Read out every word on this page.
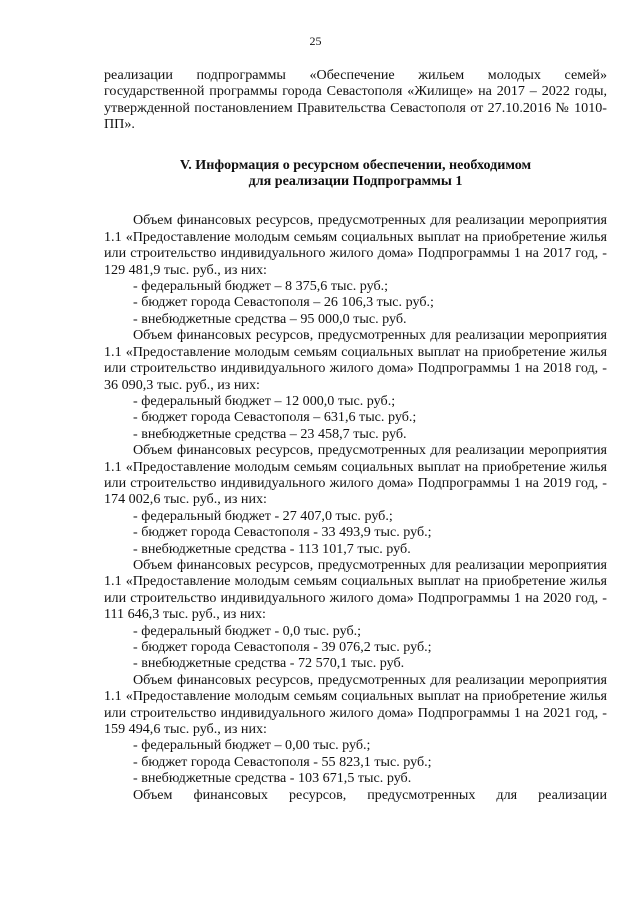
25

реализации подпрограммы «Обеспечение жильем молодых семей» государственной программы города Севастополя «Жилище» на 2017 – 2022 годы, утвержденной постановлением Правительства Севастополя от 27.10.2016 № 1010-ПП».

V. Информация о ресурсном обеспечении, необходимом
для реализации Подпрограммы 1

Объем финансовых ресурсов, предусмотренных для реализации мероприятия 1.1 «Предоставление молодым семьям социальных выплат на приобретение жилья или строительство индивидуального жилого дома» Подпрограммы 1 на 2017 год, - 129 481,9 тыс. руб., из них:

- федеральный бюджет – 8 375,6 тыс. руб.;

- бюджет города Севастополя – 26 106,3 тыс. руб.;

- внебюджетные средства – 95 000,0 тыс. руб.

Объем финансовых ресурсов, предусмотренных для реализации мероприятия 1.1 «Предоставление молодым семьям социальных выплат на приобретение жилья или строительство индивидуального жилого дома» Подпрограммы 1 на 2018 год, - 36 090,3 тыс. руб., из них:

- федеральный бюджет – 12 000,0 тыс. руб.;

- бюджет города Севастополя – 631,6 тыс. руб.;

- внебюджетные средства – 23 458,7 тыс. руб.

Объем финансовых ресурсов, предусмотренных для реализации мероприятия 1.1 «Предоставление молодым семьям социальных выплат на приобретение жилья или строительство индивидуального жилого дома» Подпрограммы 1 на 2019 год, - 174 002,6 тыс. руб., из них:

- федеральный бюджет - 27 407,0 тыс. руб.;

- бюджет города Севастополя - 33 493,9 тыс. руб.;

- внебюджетные средства - 113 101,7 тыс. руб.

Объем финансовых ресурсов, предусмотренных для реализации мероприятия 1.1 «Предоставление молодым семьям социальных выплат на приобретение жилья или строительство индивидуального жилого дома» Подпрограммы 1 на 2020 год, - 111 646,3 тыс. руб., из них:

- федеральный бюджет - 0,0 тыс. руб.;

- бюджет города Севастополя - 39 076,2 тыс. руб.;

- внебюджетные средства - 72 570,1 тыс. руб.

Объем финансовых ресурсов, предусмотренных для реализации мероприятия 1.1 «Предоставление молодым семьям социальных выплат на приобретение жилья или строительство индивидуального жилого дома» Подпрограммы 1 на 2021 год, - 159 494,6 тыс. руб., из них:

- федеральный бюджет – 0,00 тыс. руб.;

- бюджет города Севастополя - 55 823,1 тыс. руб.;

- внебюджетные средства - 103 671,5 тыс. руб.

Объем финансовых ресурсов, предусмотренных для реализации
